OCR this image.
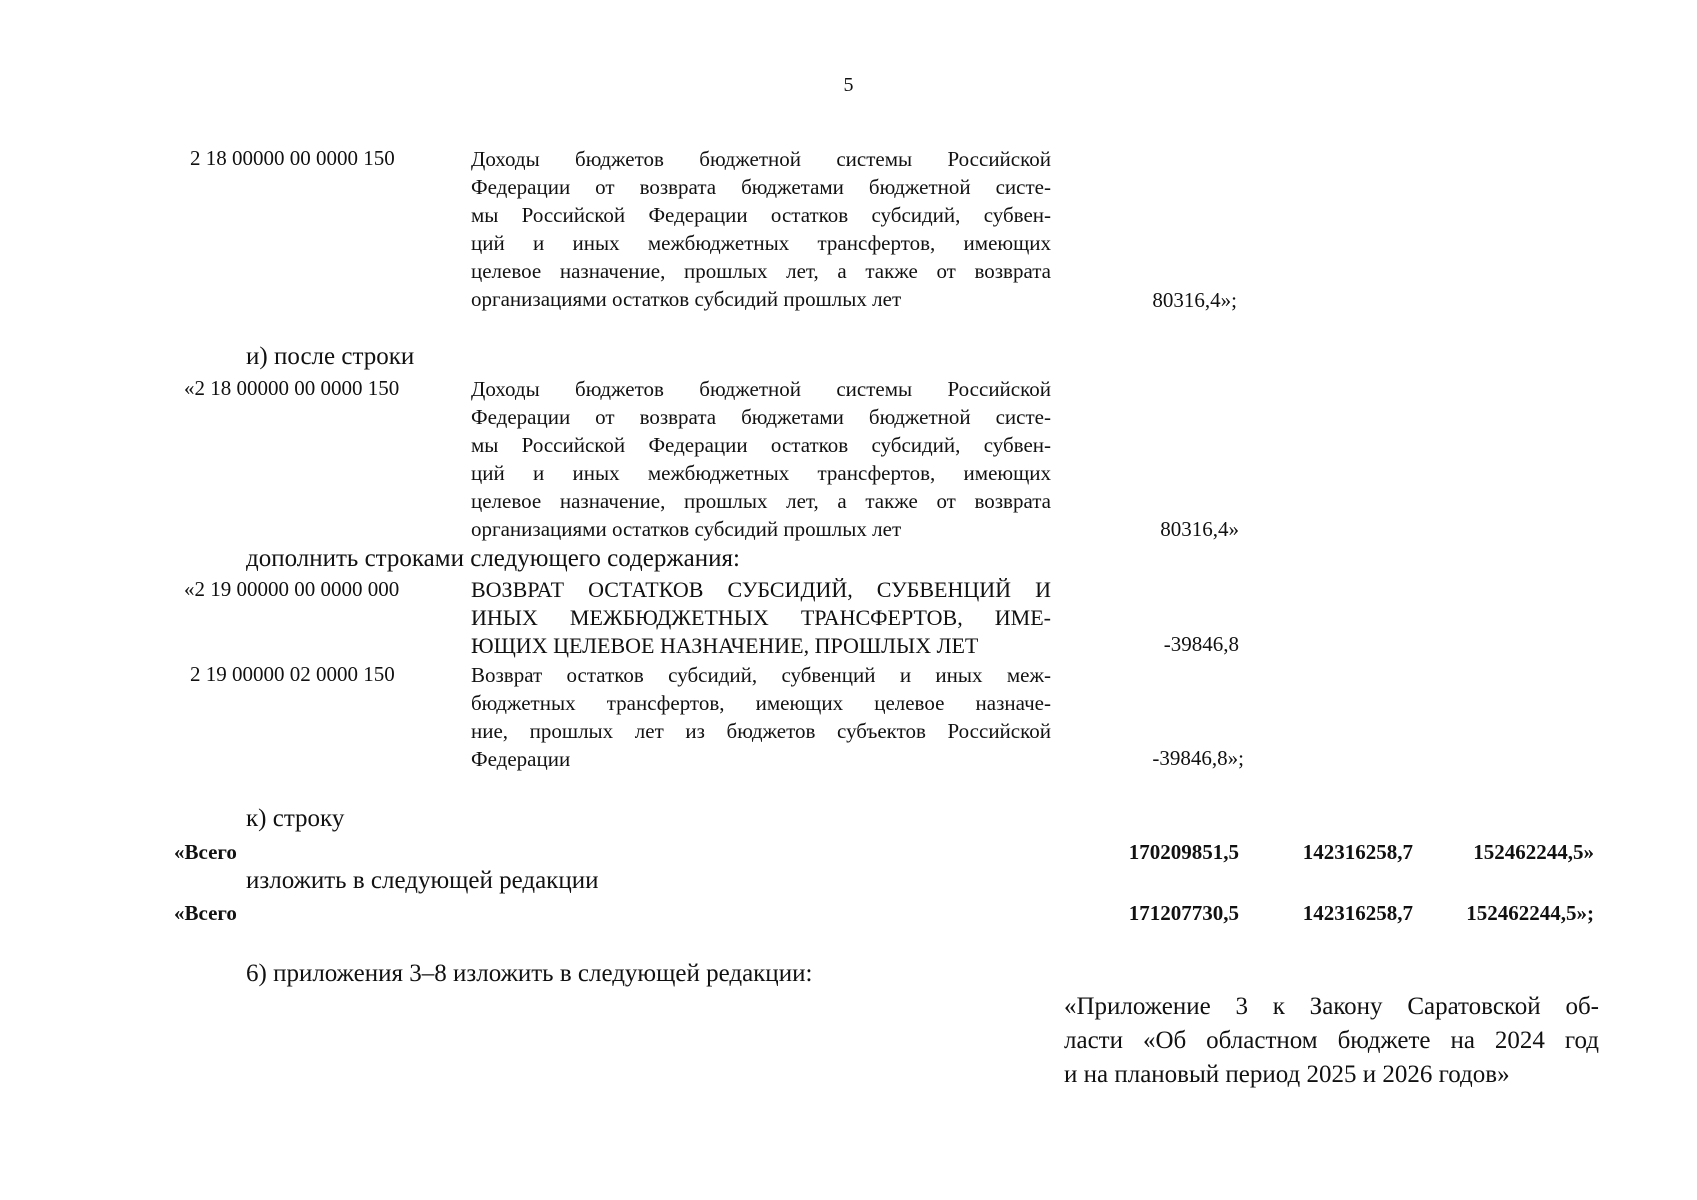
5
2 18 00000 00 0000 150	Доходы бюджетов бюджетной системы Российской
Федерации от возврата бюджетами бюджетной систе-
мы Российской Федерации остатков субсидий, субвен-
ций и иных межбюджетных трансфертов, имеющих
целевое назначение, прошлых лет, а также от возврата
организациями остатков субсидий прошлых лет	80316,4»;
и) после строки
«2 18 00000 00 0000 150	Доходы бюджетов бюджетной системы Российской
Федерации от возврата бюджетами бюджетной систе-
мы Российской Федерации остатков субсидий, субвен-
ций и иных межбюджетных трансфертов, имеющих
целевое назначение, прошлых лет, а также от возврата
организациями остатков субсидий прошлых лет	80316,4»
дополнить строками следующего содержания:
«2 19 00000 00 0000 000	ВОЗВРАТ ОСТАТКОВ СУБСИДИЙ, СУБВЕНЦИЙ И
ИНЫХ МЕЖБЮДЖЕТНЫХ ТРАНСФЕРТОВ, ИМЕ-
ЮЩИХ ЦЕЛЕВОЕ НАЗНАЧЕНИЕ, ПРОШЛЫХ ЛЕТ	-39846,8
2 19 00000 02 0000 150	Возврат остатков субсидий, субвенций и иных меж-
бюджетных трансфертов, имеющих целевое назначе-
ние, прошлых лет из бюджетов субъектов Российской
Федерации	-39846,8»;
к) строку
«Всего	170209851,5	142316258,7	152462244,5»
изложить в следующей редакции
«Всего	171207730,5	142316258,7	152462244,5»;
6) приложения 3–8 изложить в следующей редакции:
«Приложение 3 к Закону Саратовской об-
ласти «Об областном бюджете на 2024 год
и на плановый период 2025 и 2026 годов»
